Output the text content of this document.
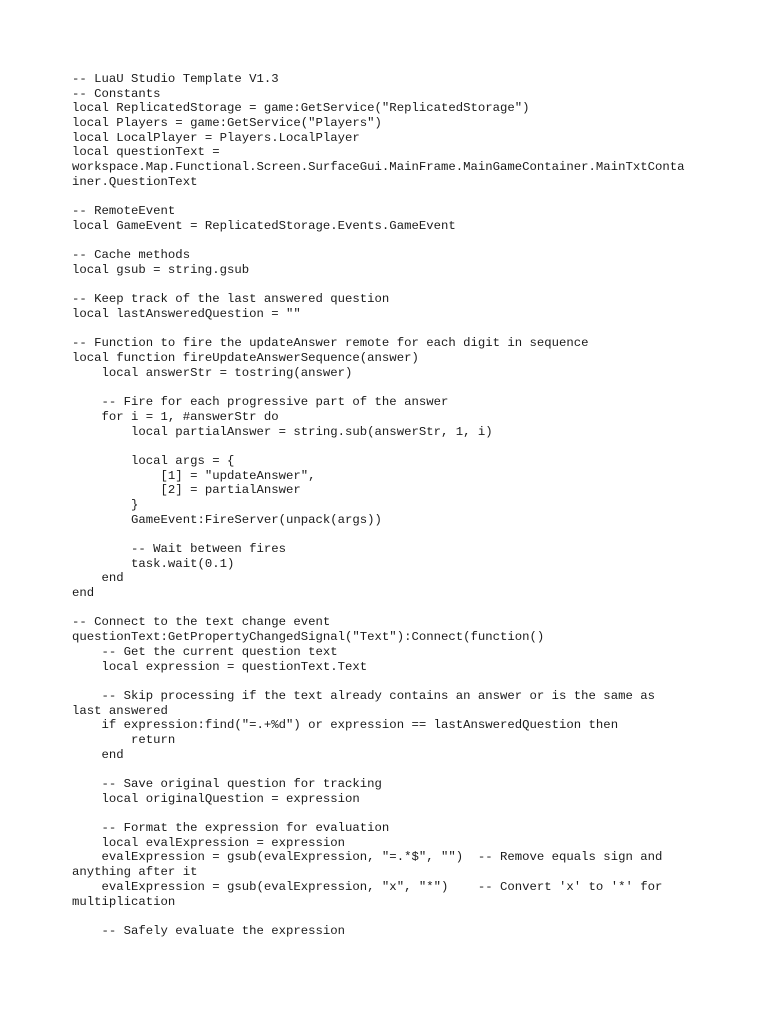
-- LuaU Studio Template V1.3
-- Constants
local ReplicatedStorage = game:GetService("ReplicatedStorage")
local Players = game:GetService("Players")
local LocalPlayer = Players.LocalPlayer
local questionText =
workspace.Map.Functional.Screen.SurfaceGui.MainFrame.MainGameContainer.MainTxtConta
iner.QuestionText
-- RemoteEvent
local GameEvent = ReplicatedStorage.Events.GameEvent
-- Cache methods
local gsub = string.gsub
-- Keep track of the last answered question
local lastAnsweredQuestion = ""
-- Function to fire the updateAnswer remote for each digit in sequence
local function fireUpdateAnswerSequence(answer)
local answerStr = tostring(answer)
-- Fire for each progressive part of the answer
for i = 1, #answerStr do
local partialAnswer = string.sub(answerStr, 1, i)
local args = {
[1] = "updateAnswer",
[2] = partialAnswer
}
GameEvent:FireServer(unpack(args))
-- Wait between fires
task.wait(0.1)
end
end
-- Connect to the text change event
questionText:GetPropertyChangedSignal("Text"):Connect(function()
-- Get the current question text
local expression = questionText.Text
-- Skip processing if the text already contains an answer or is the same as
last answered
if expression:find("=.+%d") or expression == lastAnsweredQuestion then
return
end
-- Save original question for tracking
local originalQuestion = expression
-- Format the expression for evaluation
local evalExpression = expression
evalExpression = gsub(evalExpression, "=.*$", "")  -- Remove equals sign and
anything after it
evalExpression = gsub(evalExpression, "x", "*")    -- Convert 'x' to '*' for
multiplication
-- Safely evaluate the expression
